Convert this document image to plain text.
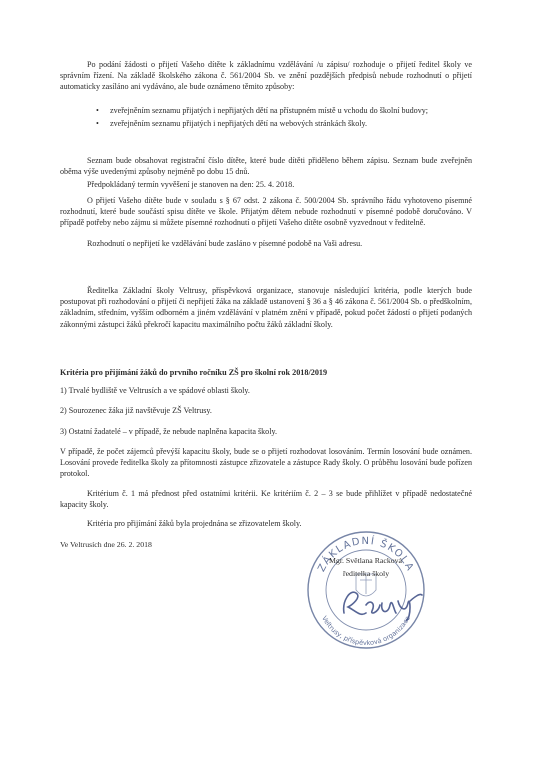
Po podání žádosti o přijetí Vašeho dítěte k základnímu vzdělávání /u zápisu/ rozhoduje o přijetí ředitel školy ve správním řízení. Na základě školského zákona č. 561/2004 Sb. ve znění pozdějších předpisů nebude rozhodnutí o přijetí automaticky zasíláno ani vydáváno, ale bude oznámeno těmito způsoby:

• zveřejněním seznamu přijatých i nepřijatých dětí na přístupném místě u vchodu do školní budovy;
• zveřejněním seznamu přijatých i nepřijatých dětí na webových stránkách školy.

Seznam bude obsahovat registrační číslo dítěte, které bude dítěti přiděleno během zápisu. Seznam bude zveřejněn oběma výše uvedenými způsoby nejméně po dobu 15 dnů.

Předpokládaný termín vyvěšení je stanoven na den: 25. 4. 2018.

O přijetí Vašeho dítěte bude v souladu s § 67 odst. 2 zákona č. 500/2004 Sb. správního řádu vyhotoveno písemné rozhodnutí, které bude součástí spisu dítěte ve škole. Přijatým dětem nebude rozhodnutí v písemné podobě doručováno. V případě potřeby nebo zájmu si můžete písemné rozhodnutí o přijetí Vašeho dítěte osobně vyzvednout v ředitelně.

Rozhodnutí o nepřijetí ke vzdělávání bude zasláno v písemné podobě na Vaši adresu.

Ředitelka Základní školy Veltrusy, příspěvková organizace, stanovuje následující kritéria, podle kterých bude postupovat při rozhodování o přijetí či nepřijetí žáka na základě ustanovení § 36 a § 46 zákona č. 561/2004 Sb. o předškolním, základním, středním, vyšším odborném a jiném vzdělávání v platném znění v případě, pokud počet žádostí o přijetí podaných zákonnými zástupci žáků překročí kapacitu maximálního počtu žáků základní školy.

Kritéria pro přijímání žáků do prvního ročníku ZŠ pro školní rok 2018/2019

1) Trvalé bydliště ve Veltrusích a ve spádové oblasti školy.

2) Sourozenec žáka již navštěvuje ZŠ Veltrusy.

3) Ostatní žadatelé – v případě, že nebude naplněna kapacita školy.

V případě, že počet zájemců převýší kapacitu školy, bude se o přijetí rozhodovat losováním. Termín losování bude oznámen. Losování provede ředitelka školy za přítomnosti zástupce zřizovatele a zástupce Rady školy. O průběhu losování bude pořízen protokol.

Kritérium č. 1 má přednost před ostatními kritérii. Ke kritériím č. 2 – 3 se bude přihlížet v případě nedostatečné kapacity školy.

Kritéria pro přijímání žáků byla projednána se zřizovatelem školy.

Ve Veltrusích dne 26. 2. 2018

ZÁKLADNÍ ŠKOLA
Veltrusy, příspěvková organizace

Mgr. Světlana Racková

ředitelka školy
